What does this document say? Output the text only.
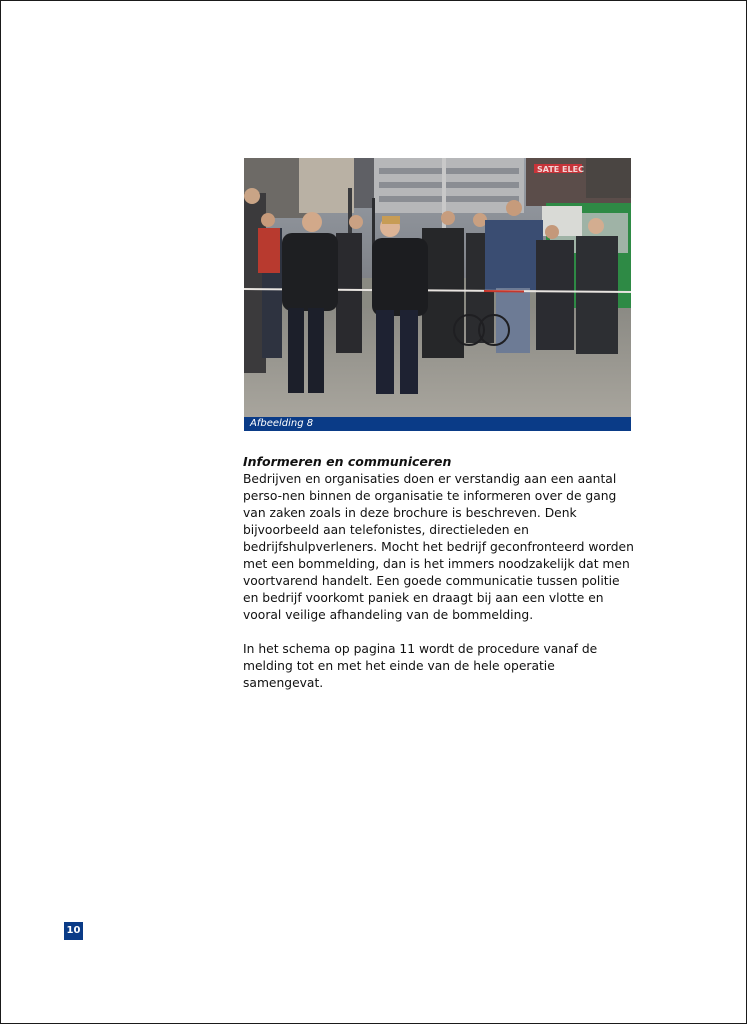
SATE ELEC
Afbeelding 8
Informeren en communiceren

Bedrijven en organisaties doen er verstandig aan een aantal perso-nen binnen de organisatie te informeren over de gang van zaken zoals in deze brochure is beschreven. Denk bijvoorbeeld aan telefonistes, directieleden en bedrijfshulpverleners. Mocht het bedrijf geconfronteerd worden met een bommelding, dan is het immers noodzakelijk dat men voortvarend handelt. Een goede communicatie tussen politie en bedrijf voorkomt paniek en draagt bij aan een vlotte en vooral veilige afhandeling van de bommelding.

In het schema op pagina 11 wordt de procedure vanaf de melding tot en met het einde van de hele operatie samengevat.

10
